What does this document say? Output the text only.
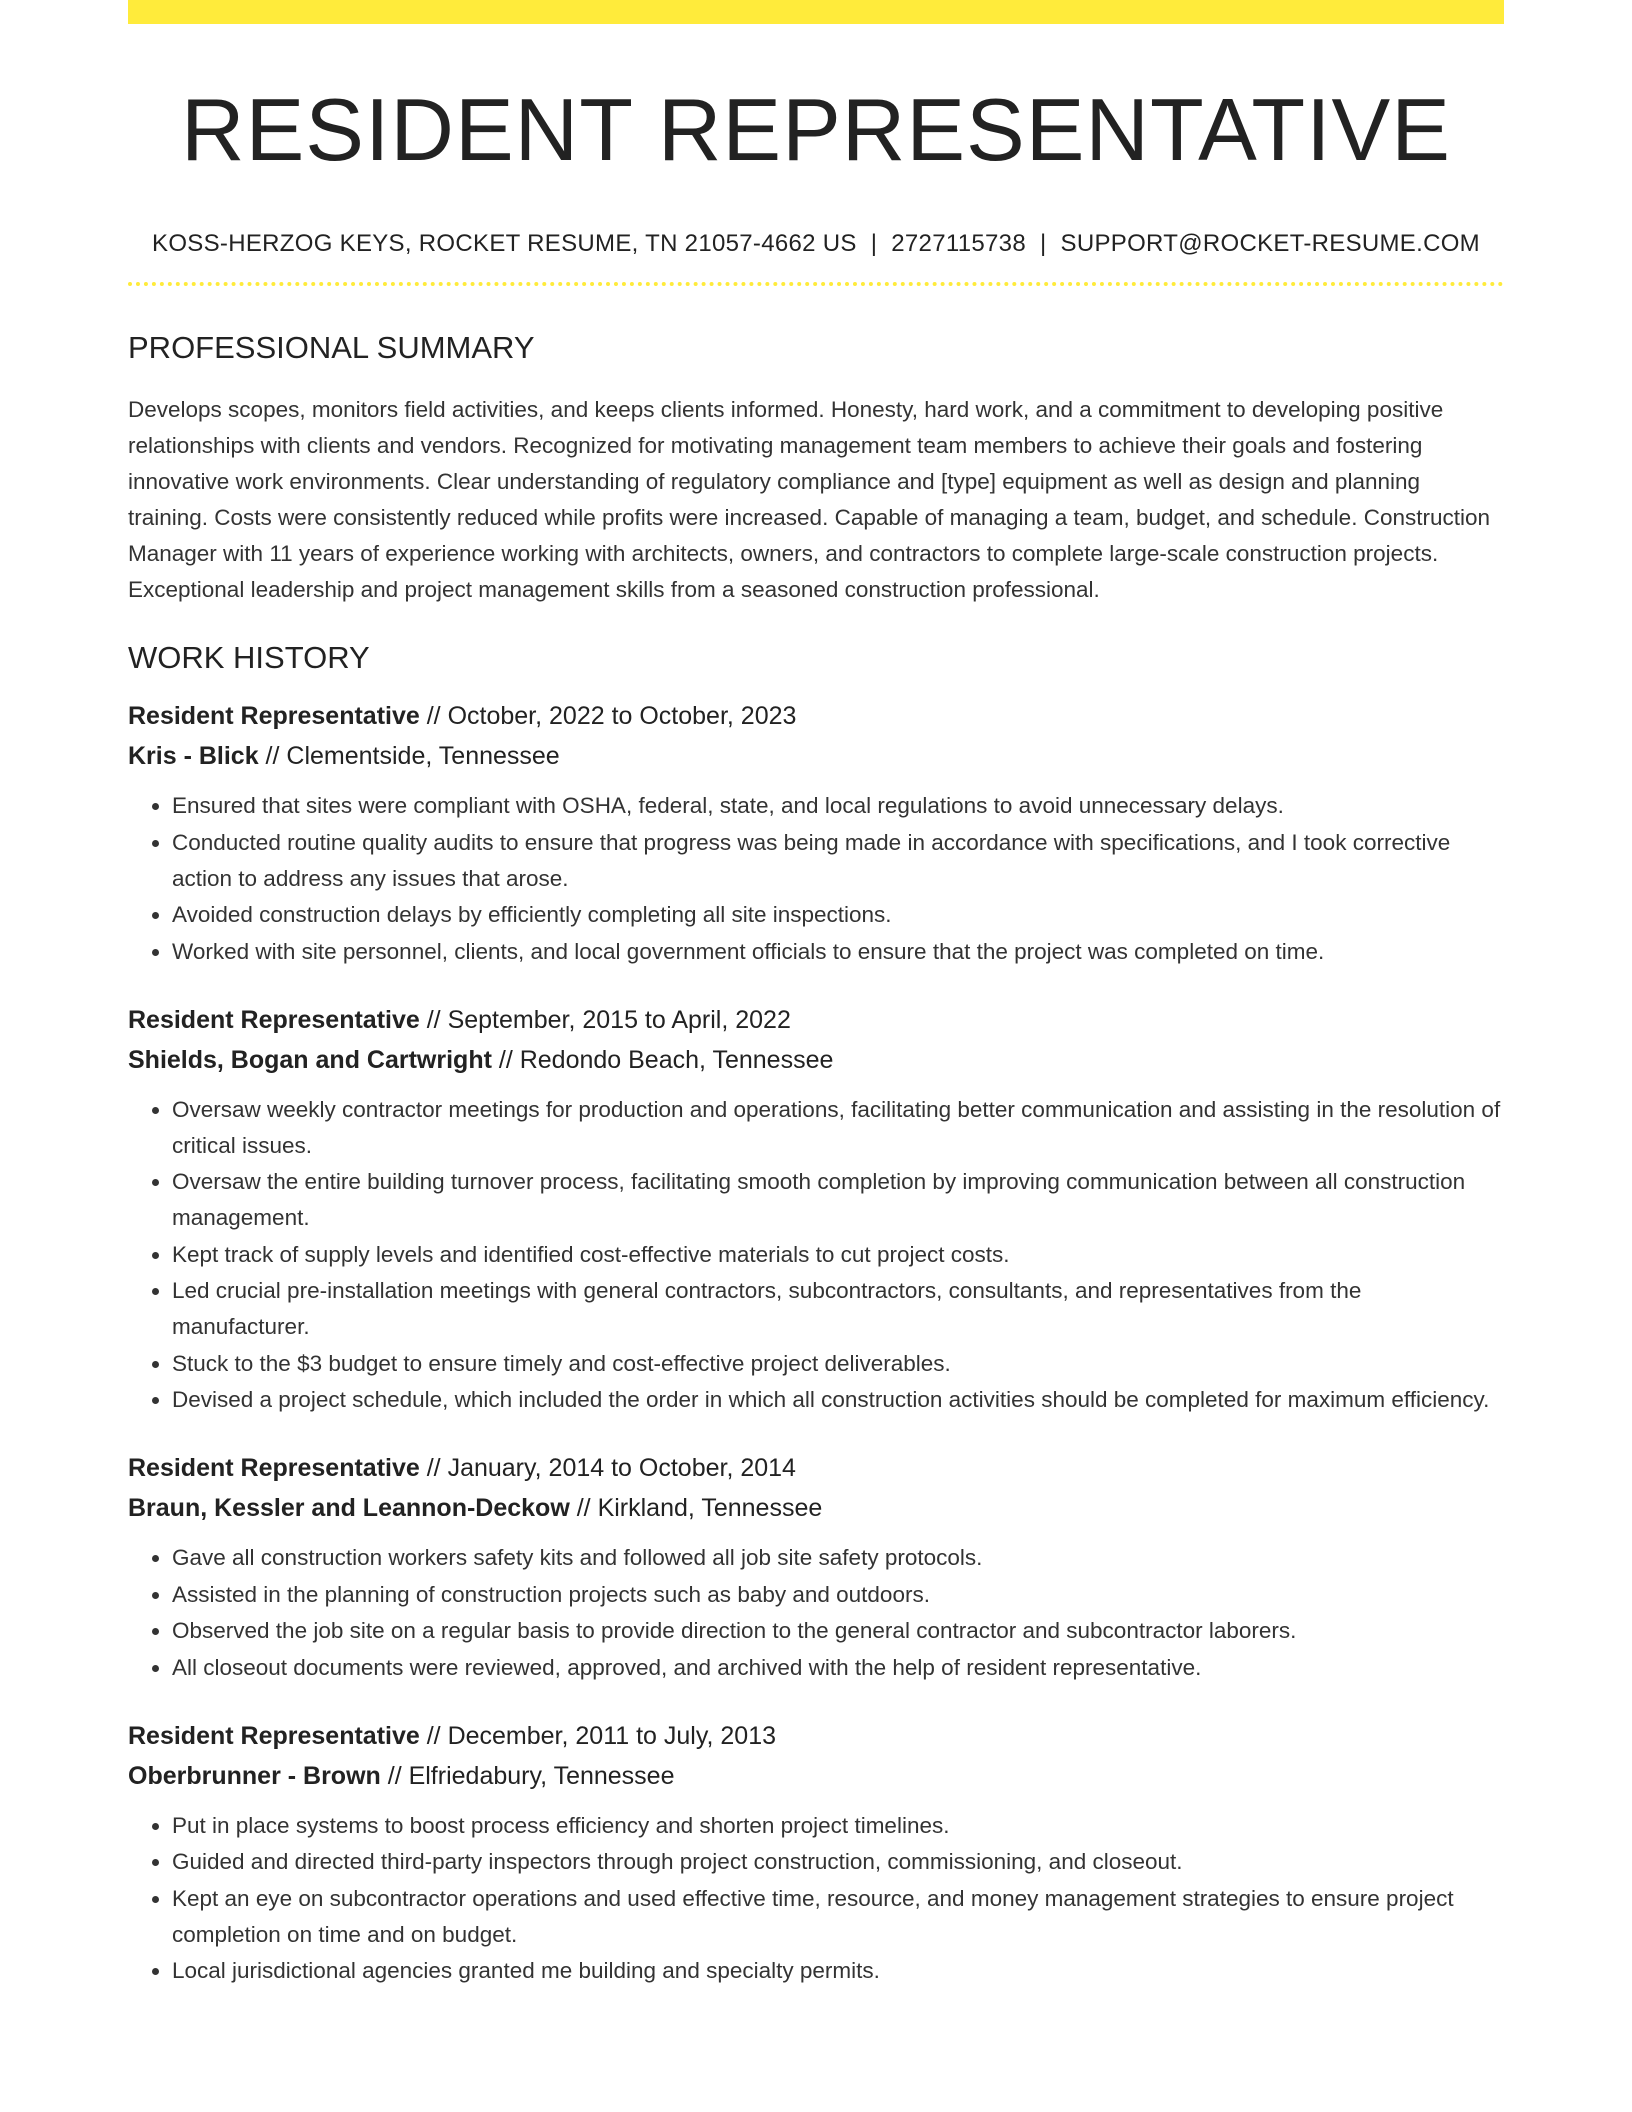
RESIDENT REPRESENTATIVE
KOSS-HERZOG KEYS, ROCKET RESUME, TN 21057-4662 US | 2727115738 | SUPPORT@ROCKET-RESUME.COM
PROFESSIONAL SUMMARY
Develops scopes, monitors field activities, and keeps clients informed. Honesty, hard work, and a commitment to developing positive relationships with clients and vendors. Recognized for motivating management team members to achieve their goals and fostering innovative work environments. Clear understanding of regulatory compliance and [type] equipment as well as design and planning training. Costs were consistently reduced while profits were increased. Capable of managing a team, budget, and schedule. Construction Manager with 11 years of experience working with architects, owners, and contractors to complete large-scale construction projects. Exceptional leadership and project management skills from a seasoned construction professional.
WORK HISTORY
Resident Representative // October, 2022 to October, 2023
Kris - Blick // Clementside, Tennessee
• Ensured that sites were compliant with OSHA, federal, state, and local regulations to avoid unnecessary delays.
• Conducted routine quality audits to ensure that progress was being made in accordance with specifications, and I took corrective action to address any issues that arose.
• Avoided construction delays by efficiently completing all site inspections.
• Worked with site personnel, clients, and local government officials to ensure that the project was completed on time.
Resident Representative // September, 2015 to April, 2022
Shields, Bogan and Cartwright // Redondo Beach, Tennessee
• Oversaw weekly contractor meetings for production and operations, facilitating better communication and assisting in the resolution of critical issues.
• Oversaw the entire building turnover process, facilitating smooth completion by improving communication between all construction management.
• Kept track of supply levels and identified cost-effective materials to cut project costs.
• Led crucial pre-installation meetings with general contractors, subcontractors, consultants, and representatives from the manufacturer.
• Stuck to the $3 budget to ensure timely and cost-effective project deliverables.
• Devised a project schedule, which included the order in which all construction activities should be completed for maximum efficiency.
Resident Representative // January, 2014 to October, 2014
Braun, Kessler and Leannon-Deckow // Kirkland, Tennessee
• Gave all construction workers safety kits and followed all job site safety protocols.
• Assisted in the planning of construction projects such as baby and outdoors.
• Observed the job site on a regular basis to provide direction to the general contractor and subcontractor laborers.
• All closeout documents were reviewed, approved, and archived with the help of resident representative.
Resident Representative // December, 2011 to July, 2013
Oberbrunner - Brown // Elfriedabury, Tennessee
• Put in place systems to boost process efficiency and shorten project timelines.
• Guided and directed third-party inspectors through project construction, commissioning, and closeout.
• Kept an eye on subcontractor operations and used effective time, resource, and money management strategies to ensure project completion on time and on budget.
• Local jurisdictional agencies granted me building and specialty permits.
